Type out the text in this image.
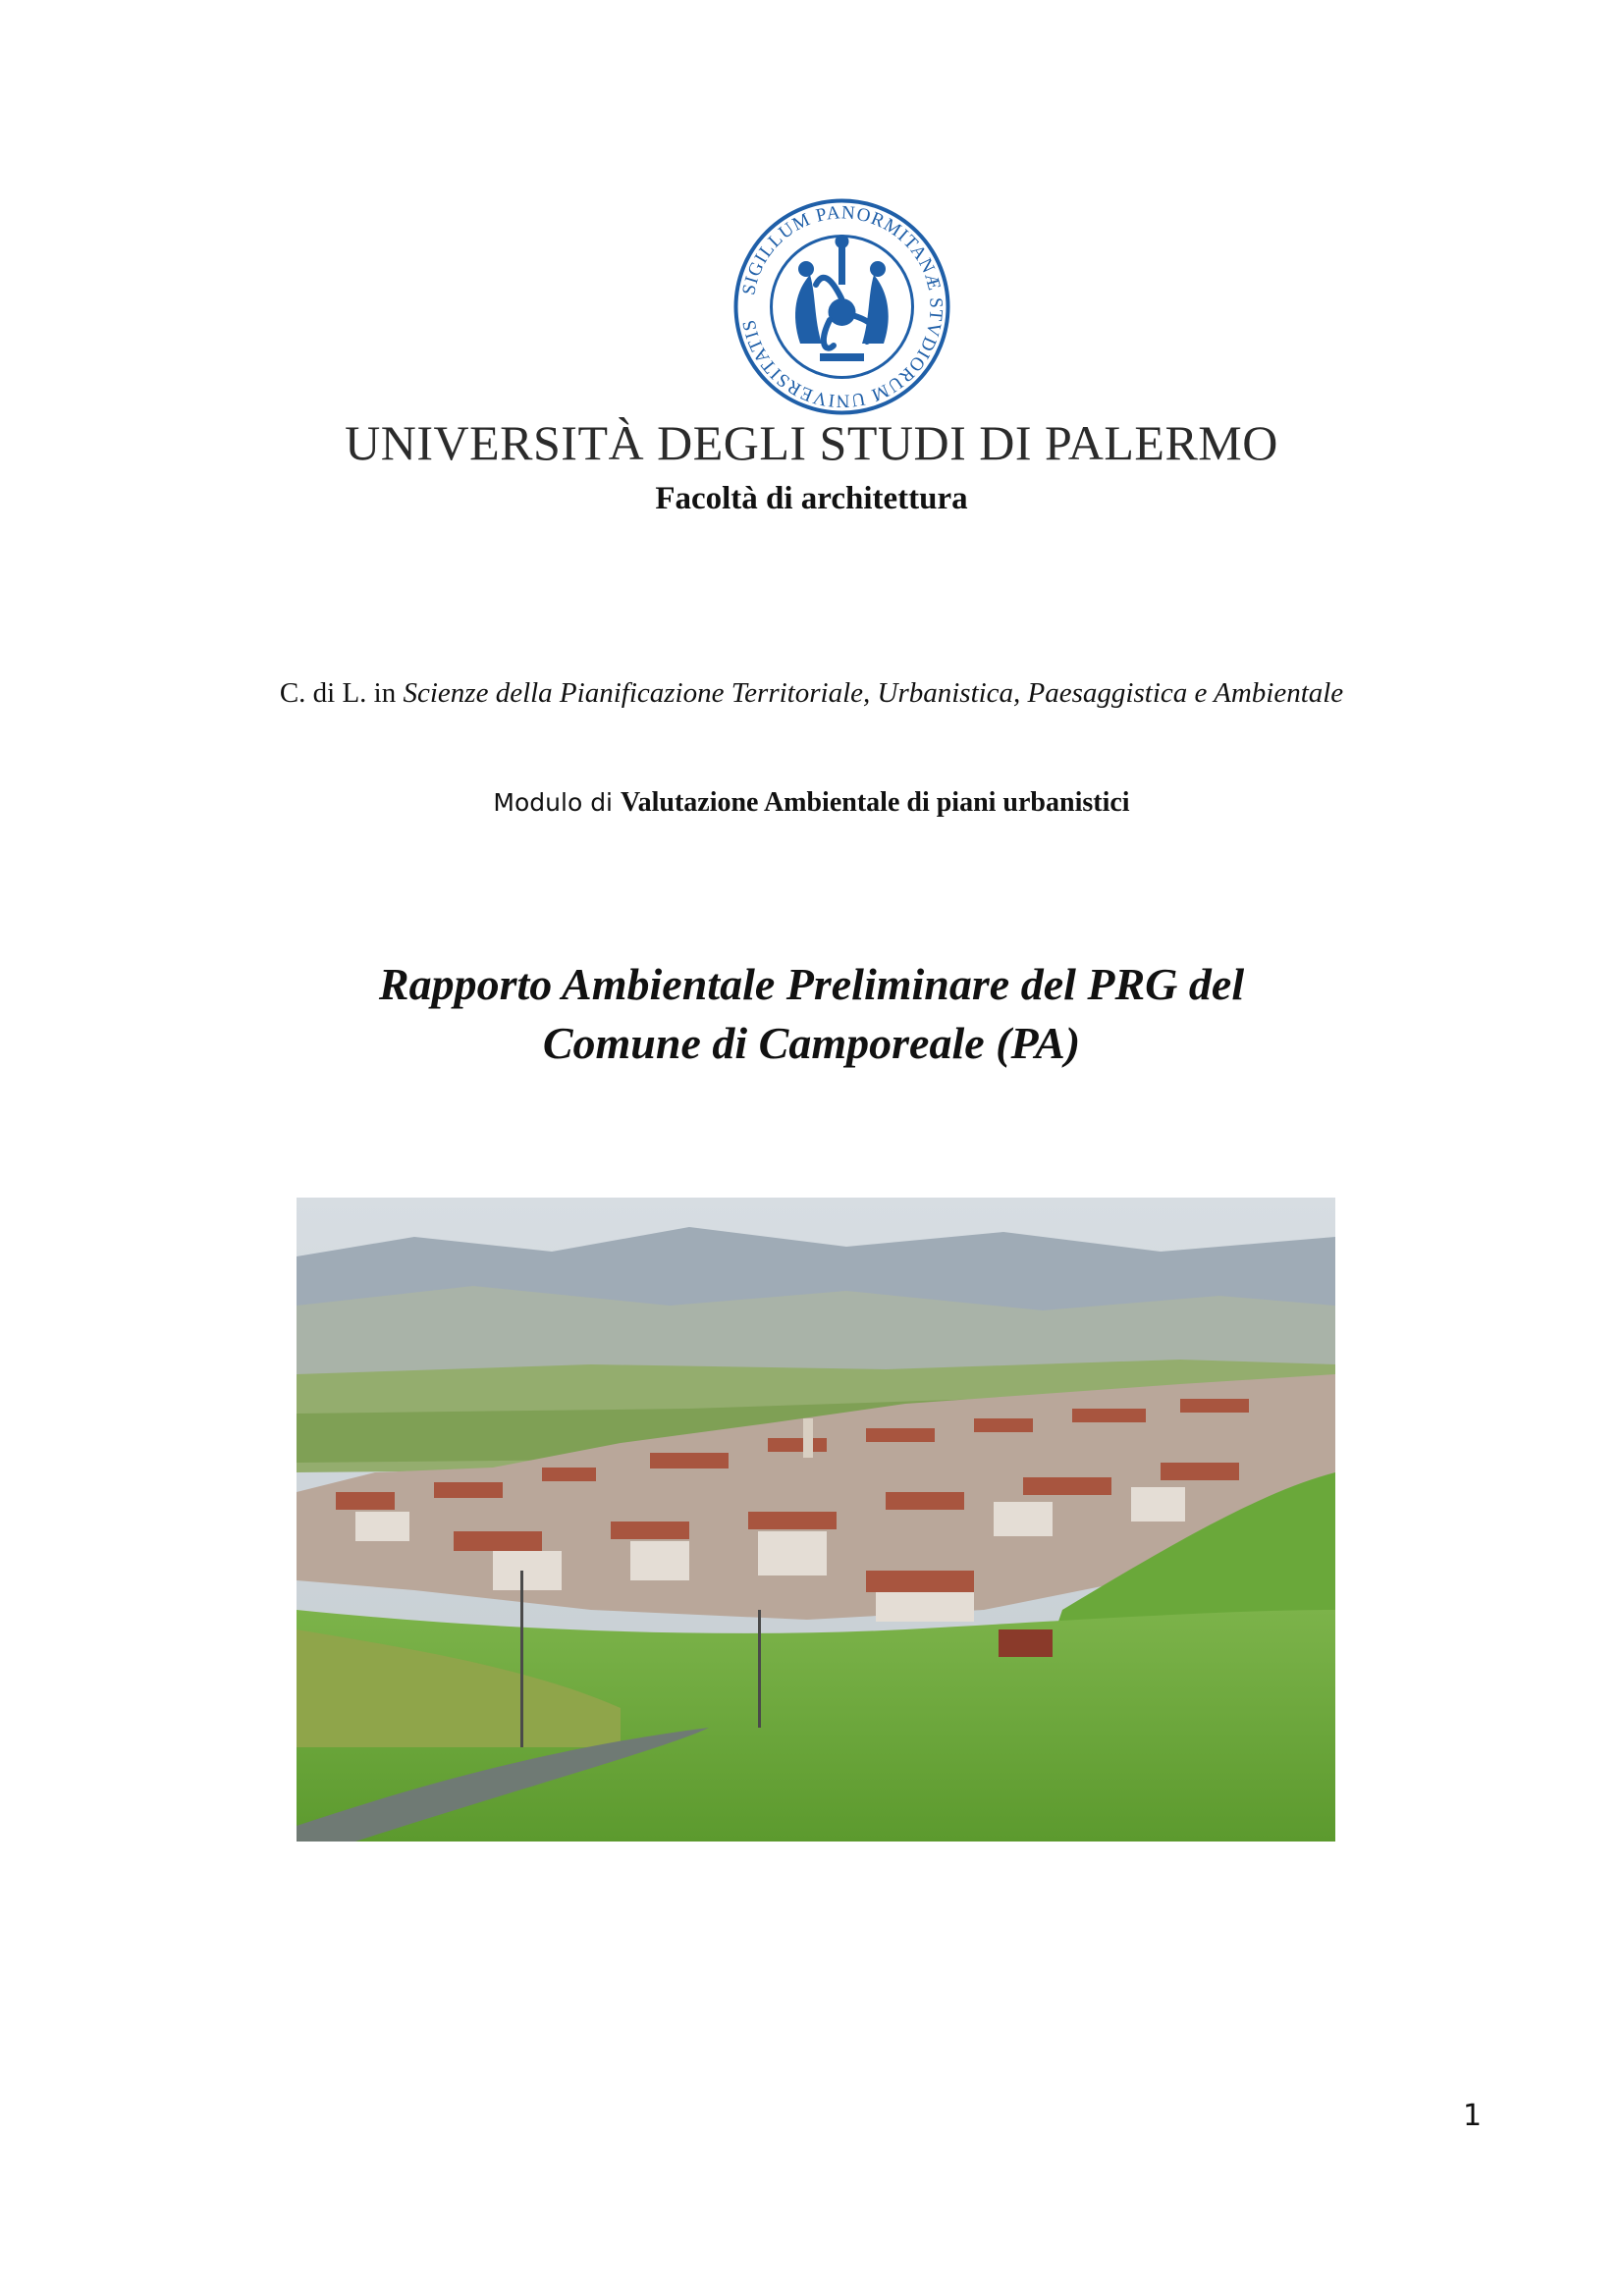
SIGILLUM PANORMITANÆ STVDIORUM UNIVERSITATIS
UNIVERSITÀ DEGLI STUDI DI PALERMO
Facoltà di architettura
C. di L. in Scienze della Pianificazione Territoriale, Urbanistica, Paesaggistica e Ambientale
Modulo di Valutazione Ambientale di piani urbanistici
Rapporto Ambientale Preliminare del PRG del
Comune di Camporeale (PA)
1
